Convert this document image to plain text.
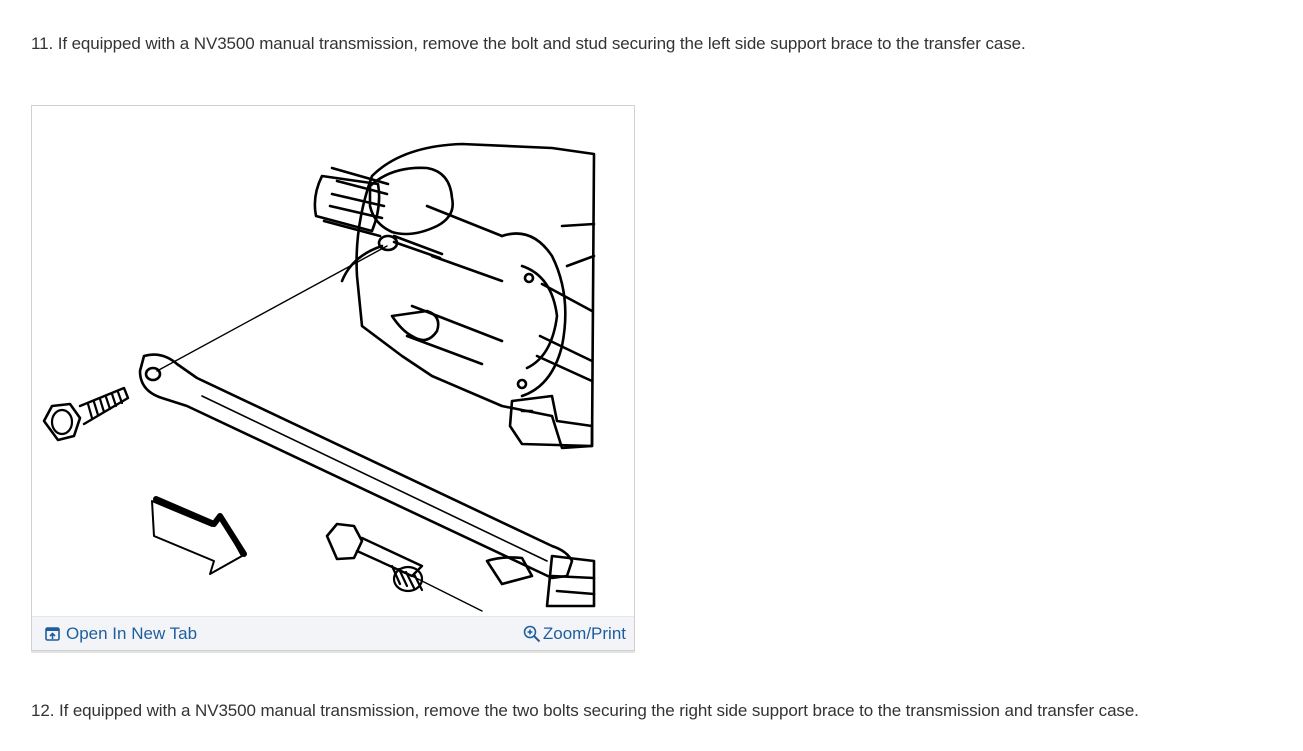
11. If equipped with a NV3500 manual transmission, remove the bolt and stud securing the left side support brace to the transfer case.
Open In New Tab	Zoom/Print
12. If equipped with a NV3500 manual transmission, remove the two bolts securing the right side support brace to the transmission and transfer case.
